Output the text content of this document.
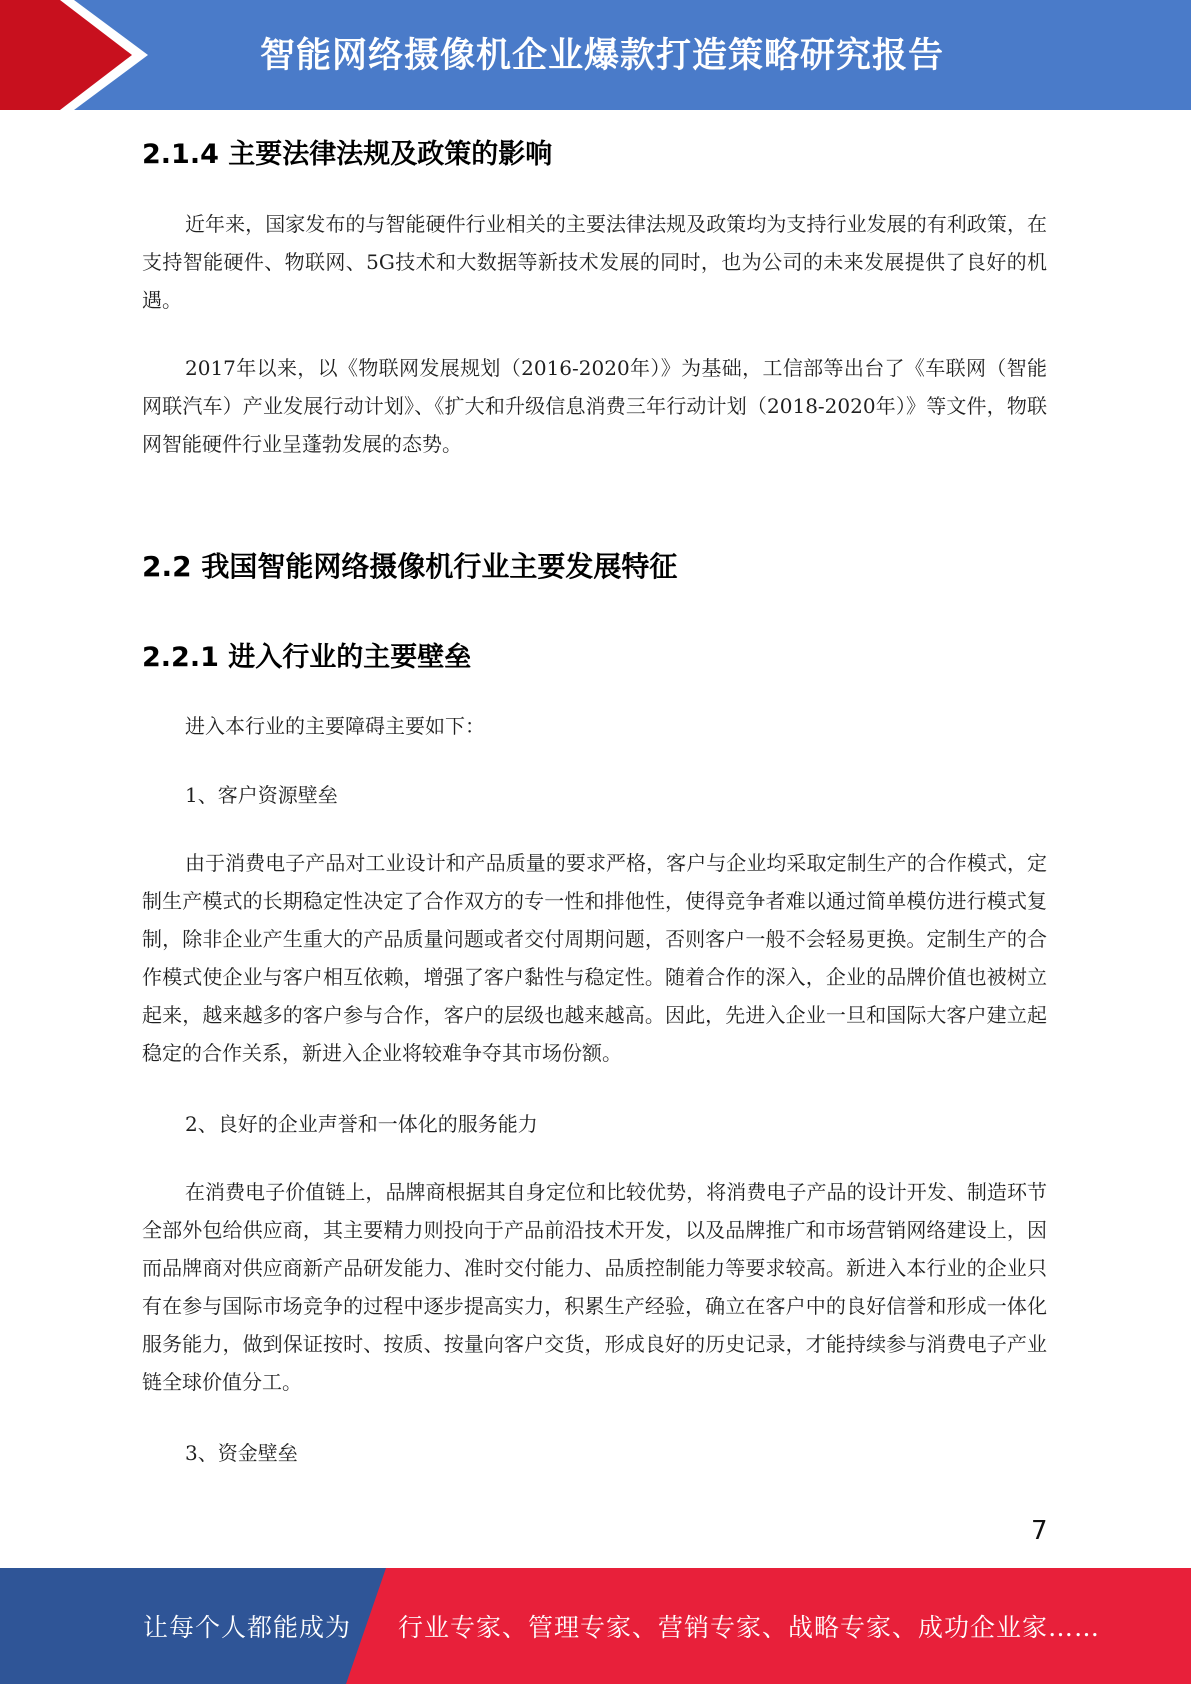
智能网络摄像机企业爆款打造策略研究报告
2.1.4 主要法律法规及政策的影响

近年来，国家发布的与智能硬件行业相关的主要法律法规及政策均为支持行业发展的有利政策，在支持智能硬件、物联网、5G技术和大数据等新技术发展的同时，也为公司的未来发展提供了良好的机遇。

2017年以来，以《物联网发展规划（2016-2020年）》为基础，工信部等出台了《车联网（智能网联汽车）产业发展行动计划》、《扩大和升级信息消费三年行动计划（2018-2020年）》等文件，物联网智能硬件行业呈蓬勃发展的态势。

2.2 我国智能网络摄像机行业主要发展特征
2.2.1 进入行业的主要壁垒

进入本行业的主要障碍主要如下：

1、客户资源壁垒

由于消费电子产品对工业设计和产品质量的要求严格，客户与企业均采取定制生产的合作模式，定制生产模式的长期稳定性决定了合作双方的专一性和排他性，使得竞争者难以通过简单模仿进行模式复制，除非企业产生重大的产品质量问题或者交付周期问题，否则客户一般不会轻易更换。定制生产的合作模式使企业与客户相互依赖，增强了客户黏性与稳定性。随着合作的深入，企业的品牌价值也被树立起来，越来越多的客户参与合作，客户的层级也越来越高。因此，先进入企业一旦和国际大客户建立起稳定的合作关系，新进入企业将较难争夺其市场份额。

2、良好的企业声誉和一体化的服务能力

在消费电子价值链上，品牌商根据其自身定位和比较优势，将消费电子产品的设计开发、制造环节全部外包给供应商，其主要精力则投向于产品前沿技术开发，以及品牌推广和市场营销网络建设上，因而品牌商对供应商新产品研发能力、准时交付能力、品质控制能力等要求较高。新进入本行业的企业只有在参与国际市场竞争的过程中逐步提高实力，积累生产经验，确立在客户中的良好信誉和形成一体化服务能力，做到保证按时、按质、按量向客户交货，形成良好的历史记录，才能持续参与消费电子产业链全球价值分工。

3、资金壁垒

7
让每个人都能成为 行业专家、管理专家、营销专家、战略专家、成功企业家……
